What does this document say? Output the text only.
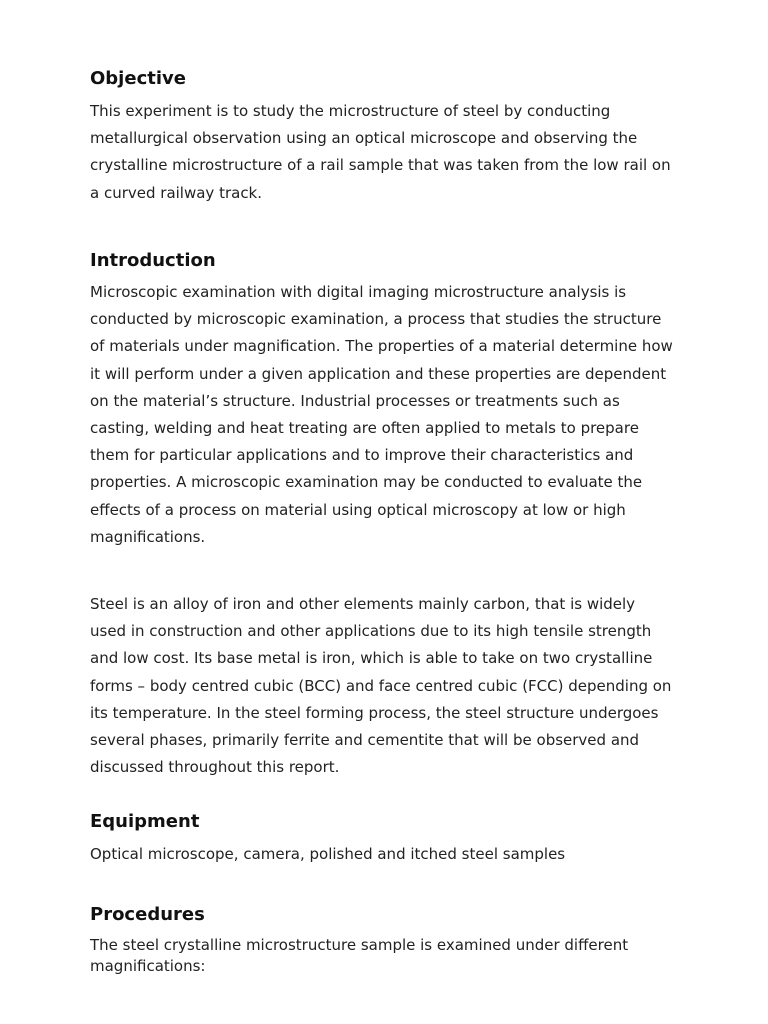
Objective

This experiment is to study the microstructure of steel by conducting
metallurgical observation using an optical microscope and observing the
crystalline microstructure of a rail sample that was taken from the low rail on
a curved railway track.

Introduction

Microscopic examination with digital imaging microstructure analysis is
conducted by microscopic examination, a process that studies the structure
of materials under magnification. The properties of a material determine how
it will perform under a given application and these properties are dependent
on the material’s structure. Industrial processes or treatments such as
casting, welding and heat treating are often applied to metals to prepare
them for particular applications and to improve their characteristics and
properties. A microscopic examination may be conducted to evaluate the
effects of a process on material using optical microscopy at low or high
magnifications.

Steel is an alloy of iron and other elements mainly carbon, that is widely
used in construction and other applications due to its high tensile strength
and low cost. Its base metal is iron, which is able to take on two crystalline
forms – body centred cubic (BCC) and face centred cubic (FCC) depending on
its temperature. In the steel forming process, the steel structure undergoes
several phases, primarily ferrite and cementite that will be observed and
discussed throughout this report.

Equipment

Optical microscope, camera, polished and itched steel samples

Procedures

The steel crystalline microstructure sample is examined under different
magnifications:
